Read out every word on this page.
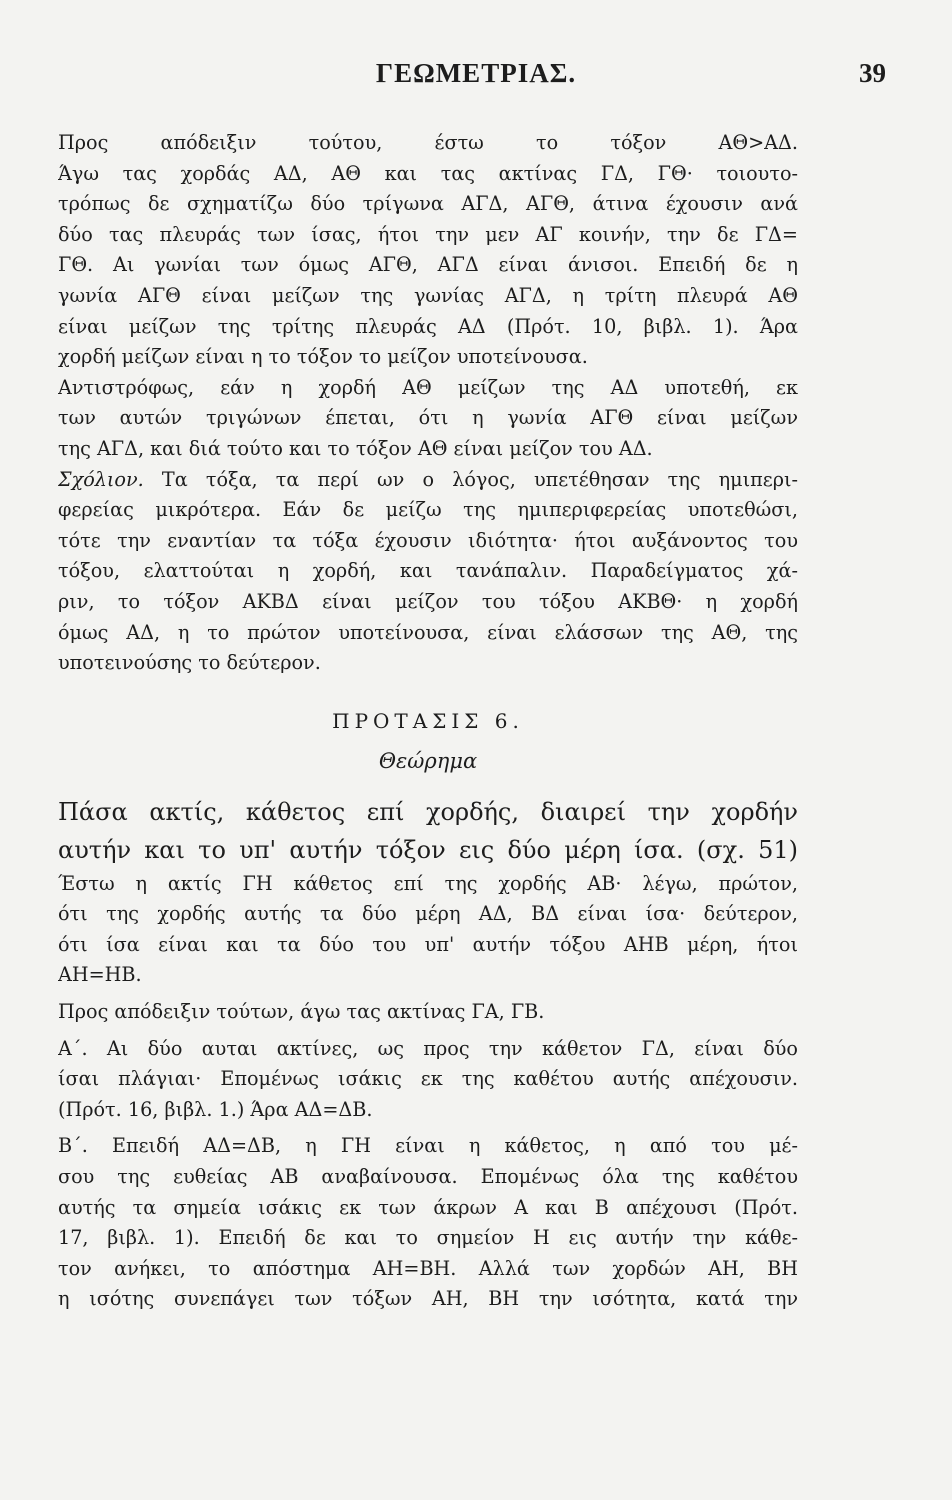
ΓΕΩΜΕΤΡΙΑΣ.	39
Προς απόδειξιν τούτου, έστω το τόξον ΑΘ>ΑΔ.
Άγω τας χορδάς ΑΔ, ΑΘ και τας ακτίνας ΓΔ, ΓΘ· τοιουτο-
τρόπως δε σχηματίζω δύο τρίγωνα ΑΓΔ, ΑΓΘ, άτινα έχουσιν ανά
δύο τας πλευράς των ίσας, ήτοι την μεν ΑΓ κοινήν, την δε ΓΔ=
ΓΘ. Αι γωνίαι των όμως ΑΓΘ, ΑΓΔ είναι άνισοι. Επειδή δε η
γωνία ΑΓΘ είναι μείζων της γωνίας ΑΓΔ, η τρίτη πλευρά ΑΘ
είναι μείζων της τρίτης πλευράς ΑΔ (Πρότ. 10, βιβλ. 1). Άρα
χορδή μείζων είναι η το τόξον το μείζον υποτείνουσα.
Αντιστρόφως, εάν η χορδή ΑΘ μείζων της ΑΔ υποτεθή, εκ
των αυτών τριγώνων έπεται, ότι η γωνία ΑΓΘ είναι μείζων
της ΑΓΔ, και διά τούτο και το τόξον ΑΘ είναι μείζον του ΑΔ.
Σχόλιον. Τα τόξα, τα περί ων ο λόγος, υπετέθησαν της ημιπερι-
φερείας μικρότερα. Εάν δε μείζω της ημιπεριφερείας υποτεθώσι,
τότε την εναντίαν τα τόξα έχουσιν ιδιότητα· ήτοι αυξάνοντος του
τόξου, ελαττούται η χορδή, και τανάπαλιν. Παραδείγματος χά-
ριν, το τόξον ΑΚΒΔ είναι μείζον του τόξου ΑΚΒΘ· η χορδή
όμως ΑΔ, η το πρώτον υποτείνουσα, είναι ελάσσων της ΑΘ, της
υποτεινούσης το δεύτερον.
ΠΡΟΤΑΣΙΣ 6.
Θεώρημα
Πάσα ακτίς, κάθετος επί χορδής, διαιρεί την χορδήν
αυτήν και το υπ' αυτήν τόξον εις δύο μέρη ίσα. (σχ. 51)
Έστω η ακτίς ΓΗ κάθετος επί της χορδής ΑΒ· λέγω, πρώτον,
ότι της χορδής αυτής τα δύο μέρη ΑΔ, ΒΔ είναι ίσα· δεύτερον,
ότι ίσα είναι και τα δύο του υπ' αυτήν τόξου ΑΗΒ μέρη, ήτοι
ΑΗ=ΗΒ.
Προς απόδειξιν τούτων, άγω τας ακτίνας ΓΑ, ΓΒ.
Α΄. Αι δύο αυται ακτίνες, ως προς την κάθετον ΓΔ, είναι δύο
ίσαι πλάγιαι· Επομένως ισάκις εκ της καθέτου αυτής απέχουσιν.
(Πρότ. 16, βιβλ. 1.) Άρα ΑΔ=ΔΒ.
Β΄. Επειδή ΑΔ=ΔΒ, η ΓΗ είναι η κάθετος, η από του μέ-
σου της ευθείας ΑΒ αναβαίνουσα. Επομένως όλα της καθέτου
αυτής τα σημεία ισάκις εκ των άκρων Α και Β απέχουσι (Πρότ.
17, βιβλ. 1). Επειδή δε και το σημείον Η εις αυτήν την κάθε-
τον ανήκει, το απόστημα ΑΗ=ΒΗ. Αλλά των χορδών ΑΗ, ΒΗ
η ισότης συνεπάγει των τόξων ΑΗ, ΒΗ την ισότητα, κατά την
